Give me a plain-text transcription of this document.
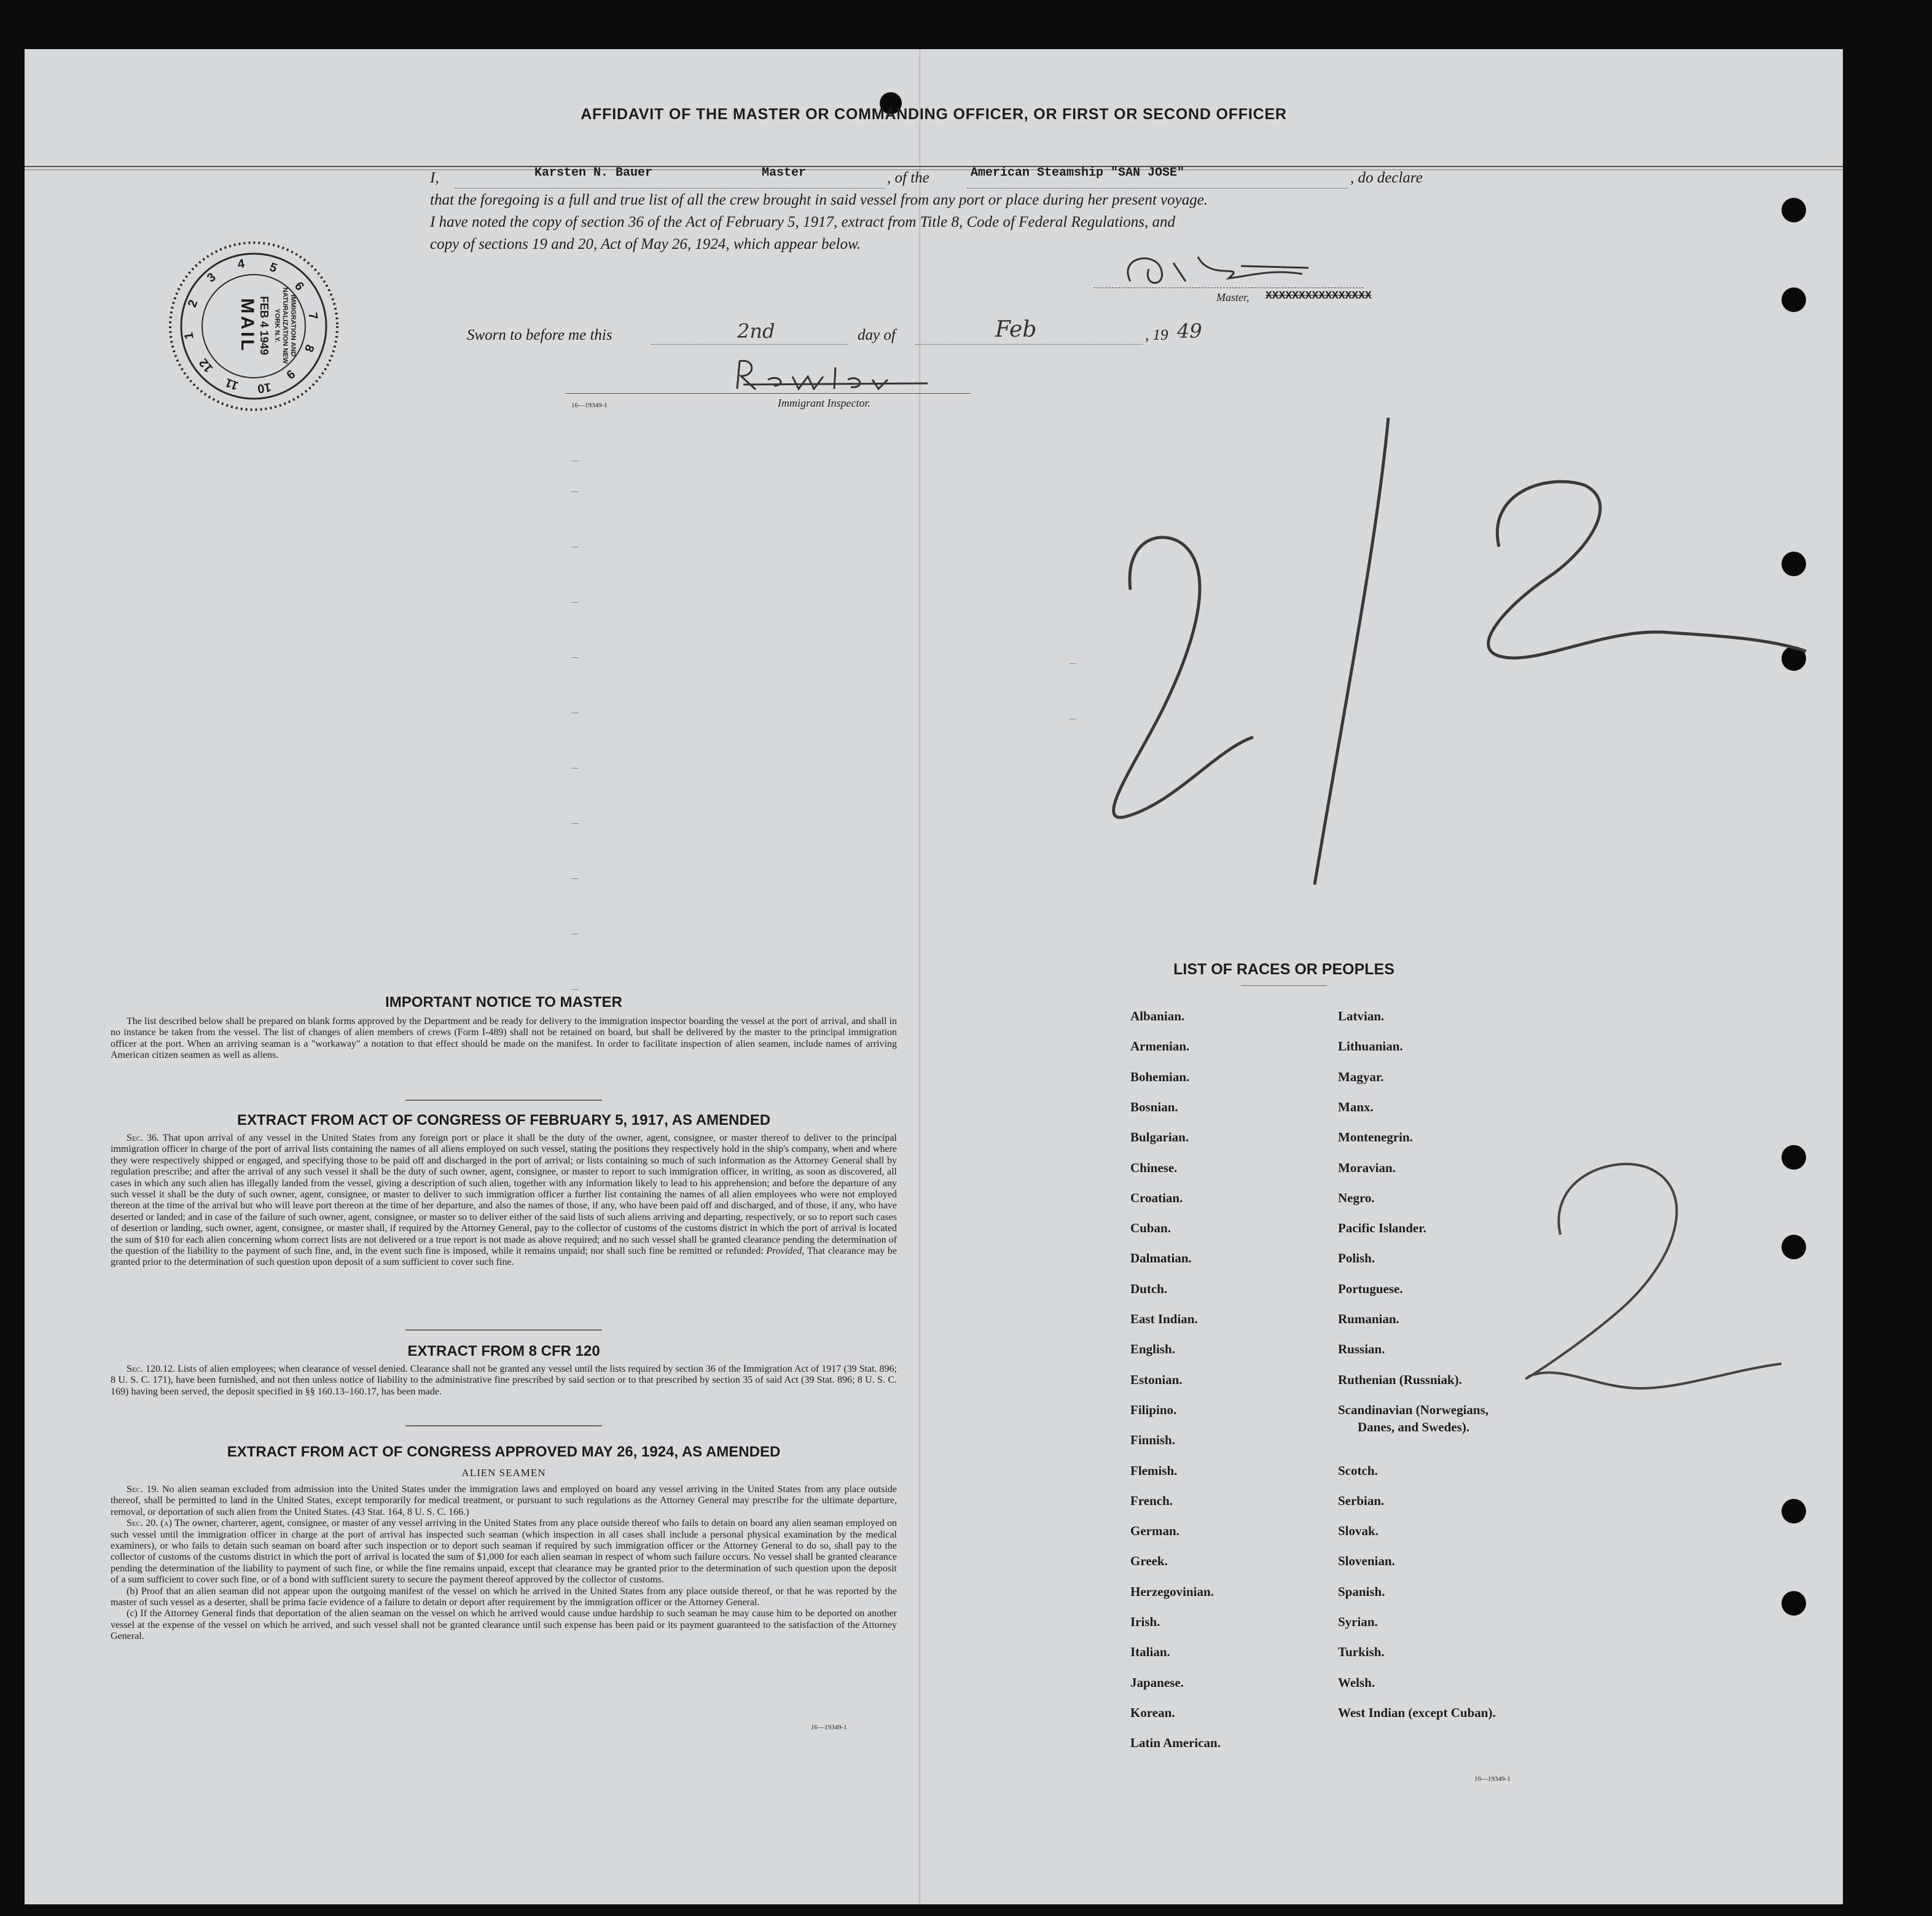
AFFIDAVIT OF THE MASTER OR COMMANDING OFFICER, OR FIRST OR SECOND OFFICER
I,	Karsten N. Bauer	Master	, of the	American Steamship "SAN JOSE"	, do declare
that the foregoing is a full and true list of all the crew brought in said vessel from any port or place during her present voyage.
I have noted the copy of section 36 of the Act of February 5, 1917, extract from Title 8, Code of Federal Regulations, and
copy of sections 19 and 20, Act of May 26, 1924, which appear below.
Master, XXXXXXXXXXXXXXXX
Sworn to before me this	2nd	day of	Feb	, 19 49
Immigrant Inspector.
16—19349-1
1
2
3
4 5
6
7
8
9
10
11
12
IMMIGRATION AND NATURALIZATION NEW YORK N.Y.
FEB 4 1949
MAIL
IMPORTANT NOTICE TO MASTER

The list described below shall be prepared on blank forms approved by the Department and be ready for delivery to the immigration inspector boarding the vessel at the port of arrival, and shall in no instance be taken from the vessel. The list of changes of alien members of crews (Form I-489) shall not be retained on board, but shall be delivered by the master to the principal immigration officer at the port. When an arriving seaman is a "workaway" a notation to that effect should be made on the manifest. In order to facilitate inspection of alien seamen, include names of arriving American citizen seamen as well as aliens.

EXTRACT FROM ACT OF CONGRESS OF FEBRUARY 5, 1917, AS AMENDED

Sec. 36. That upon arrival of any vessel in the United States from any foreign port or place it shall be the duty of the owner, agent, consignee, or master thereof to deliver to the principal immigration officer in charge of the port of arrival lists containing the names of all aliens employed on such vessel, stating the positions they respectively hold in the ship's company, when and where they were respectively shipped or engaged, and specifying those to be paid off and discharged in the port of arrival; or lists containing so much of such information as the Attorney General shall by regulation prescribe; and after the arrival of any such vessel it shall be the duty of such owner, agent, consignee, or master to report to such immigration officer, in writing, as soon as discovered, all cases in which any such alien has illegally landed from the vessel, giving a description of such alien, together with any information likely to lead to his apprehension; and before the departure of any such vessel it shall be the duty of such owner, agent, consignee, or master to deliver to such immigration officer a further list containing the names of all alien employees who were not employed thereon at the time of the arrival but who will leave port thereon at the time of her departure, and also the names of those, if any, who have been paid off and discharged, and of those, if any, who have deserted or landed; and in case of the failure of such owner, agent, consignee, or master so to deliver either of the said lists of such aliens arriving and departing, respectively, or so to report such cases of desertion or landing, such owner, agent, consignee, or master shall, if required by the Attorney General, pay to the collector of customs of the customs district in which the port of arrival is located the sum of $10 for each alien concerning whom correct lists are not delivered or a true report is not made as above required; and no such vessel shall be granted clearance pending the determination of the question of the liability to the payment of such fine, and, in the event such fine is imposed, while it remains unpaid; nor shall such fine be remitted or refunded: Provided, That clearance may be granted prior to the determination of such question upon deposit of a sum sufficient to cover such fine.

EXTRACT FROM 8 CFR 120

Sec. 120.12. Lists of alien employees; when clearance of vessel denied. Clearance shall not be granted any vessel until the lists required by section 36 of the Immigration Act of 1917 (39 Stat. 896; 8 U. S. C. 171), have been furnished, and not then unless notice of liability to the administrative fine prescribed by said section or to that prescribed by section 35 of said Act (39 Stat. 896; 8 U. S. C. 169) having been served, the deposit specified in §§ 160.13–160.17, has been made.

EXTRACT FROM ACT OF CONGRESS APPROVED MAY 26, 1924, AS AMENDED
ALIEN SEAMEN

Sec. 19. No alien seaman excluded from admission into the United States under the immigration laws and employed on board any vessel arriving in the United States from any place outside thereof, shall be permitted to land in the United States, except temporarily for medical treatment, or pursuant to such regulations as the Attorney General may prescribe for the ultimate departure, removal, or deportation of such alien from the United States. (43 Stat. 164, 8 U. S. C. 166.)

Sec. 20. (a) The owner, charterer, agent, consignee, or master of any vessel arriving in the United States from any place outside thereof who fails to detain on board any alien seaman employed on such vessel until the immigration officer in charge at the port of arrival has inspected such seaman (which inspection in all cases shall include a personal physical examination by the medical examiners), or who fails to detain such seaman on board after such inspection or to deport such seaman if required by such immigration officer or the Attorney General to do so, shall pay to the collector of customs of the customs district in which the port of arrival is located the sum of $1,000 for each alien seaman in respect of whom such failure occurs. No vessel shall be granted clearance pending the determination of the liability to payment of such fine, or while the fine remains unpaid, except that clearance may be granted prior to the determination of such question upon the deposit of a sum sufficient to cover such fine, or of a bond with sufficient surety to secure the payment thereof approved by the collector of customs.

(b) Proof that an alien seaman did not appear upon the outgoing manifest of the vessel on which he arrived in the United States from any place outside thereof, or that he was reported by the master of such vessel as a deserter, shall be prima facie evidence of a failure to detain or deport after requirement by the immigration officer or the Attorney General.

(c) If the Attorney General finds that deportation of the alien seaman on the vessel on which he arrived would cause undue hardship to such seaman he may cause him to be deported on another vessel at the expense of the vessel on which he arrived, and such vessel shall not be granted clearance until such expense has been paid or its payment guaranteed to the satisfaction of the Attorney General.

16—19349-1
LIST OF RACES OR PEOPLES
Albanian.
Armenian.
Bohemian.
Bosnian.
Bulgarian.
Chinese.
Croatian.
Cuban.
Dalmatian.
Dutch.
East Indian.
English.
Estonian.
Filipino.
Finnish.
Flemish.
French.
German.
Greek.
Herzegovinian.
Irish.
Italian.
Japanese.
Korean.
Latin American.
Latvian.
Lithuanian.
Magyar.
Manx.
Montenegrin.
Moravian.
Negro.
Pacific Islander.
Polish.
Portuguese.
Rumanian.
Russian.
Ruthenian (Russniak).
Scandinavian (Norwegians,
Scotch.
Serbian.
Slovak.
Slovenian.
Spanish.
Syrian.
Turkish.
Welsh.
West Indian (except Cuban).
Danes, and Swedes).
16—19349-1
